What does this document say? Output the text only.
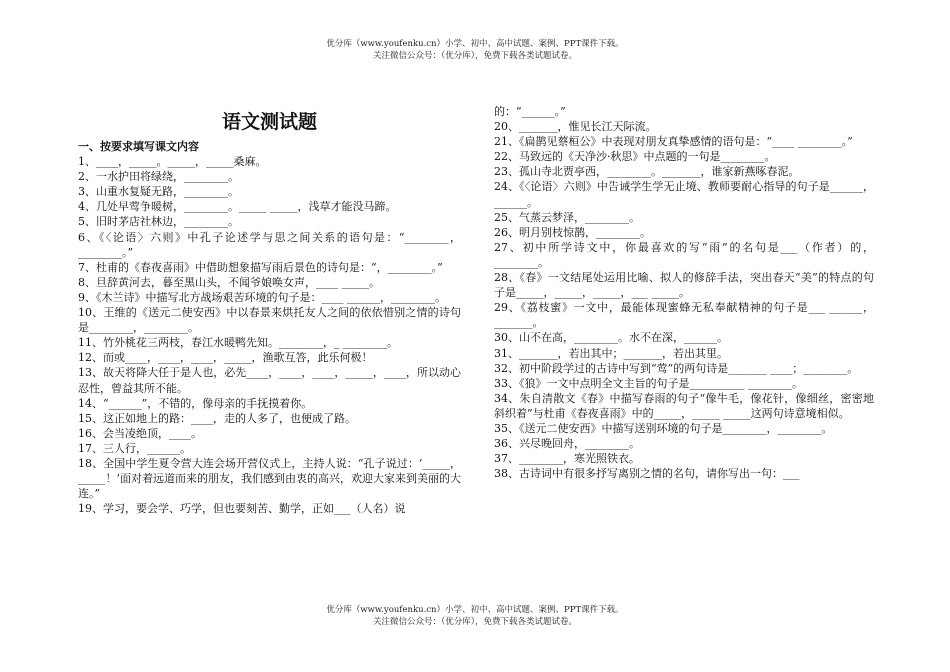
优分库（www.youfenku.cn）小学、初中、高中试题、案例、PPT课件下载。
关注微信公众号：（优分库），免费下载各类试题试卷。
语文测试题
一、按要求填写课文内容
1、____，_____。_____，_____桑麻。
2、一水护田将绿绕，________。
3、山重水复疑无路，________。
4、几处早莺争暖树，________。_____ _____，浅草才能没马蹄。
5、旧时茅店社林边，________。
6、《〈论语〉六则》中孔子论述学与思之间关系的语句是：“________，________。”
7、杜甫的《春夜喜雨》中借助想象描写雨后景色的诗句是：“，________。”
8、旦辞黄河去，暮至黑山头，不闻爷娘唤女声，____ _____。
9、《木兰诗》中描写北方战场艰苦环境的句子是：____ ______，________。
10、王维的《送元二使安西》中以春景来烘托友人之间的依依惜别之情的诗句是________，________。
11、竹外桃花三两枝，春江水暖鸭先知。________，_ ________。
12、而或____，____，____，_____，渔歌互答，此乐何极！
13、故天将降大任于是人也，必先____，____，____，_____，____，所以动心忍性，曾益其所不能。
14、“______”，不错的，像母亲的手抚摸着你。
15、这正如地上的路：____，走的人多了，也便成了路。
16、会当凌绝顶，____。
17、三人行，______。
18、全国中学生夏令营大连会场开营仪式上，主持人说：“孔子说过：‘_____，_____！’面对着远道而来的朋友，我们感到由衷的高兴，欢迎大家来到美丽的大连。”
19、学习，要会学、巧学，但也要刻苦、勤学，正如___（人名）说
的：“______。”
20、_______，惟见长江天际流。
21、《扁鹊见蔡桓公》中表现对朋友真挚感情的语句是：“____ ________。”
22、马致远的《天净沙·秋思》中点题的一句是________。
23、孤山寺北贾亭西，________。_______，谁家新燕啄春泥。
24、《〈论语〉六则》中告诫学生学无止境、教师要耐心指导的句子是______，______。
25、气蒸云梦泽，________。
26、明月别枝惊鹊，________。
27、初中所学诗文中，你最喜欢的写“雨”的名句是___（作者）的，________。
28、《春》一文结尾处运用比喻、拟人的修辞手法，突出春天“美”的特点的句子是_____，_____，_____，___ _____。
29、《荔枝蜜》一文中，最能体现蜜蜂无私奉献精神的句子是___ ______，_______。
30、山不在高，________。水不在深，______。
31、_______，若出其中；_______，若出其里。
32、初中阶段学过的古诗中写到“莺”的两句诗是_______ ____；________。
33、《狼》一文中点明全文主旨的句子是__________ ________。
34、朱自清散文《春》中描写春雨的句子“像牛毛，像花针，像细丝，密密地斜织着”与杜甫《春夜喜雨》中的_____，_____ _____这两句诗意境相似。
35、《送元二使安西》中描写送别环境的句子是________，________。
36、兴尽晚回舟，________。
37、________，寒光照铁衣。
38、古诗词中有很多抒写离别之情的名句，请你写出一句：___
优分库（www.youfenku.cn）小学、初中、高中试题、案例、PPT课件下载。
关注微信公众号：（优分库），免费下载各类试题试卷。
